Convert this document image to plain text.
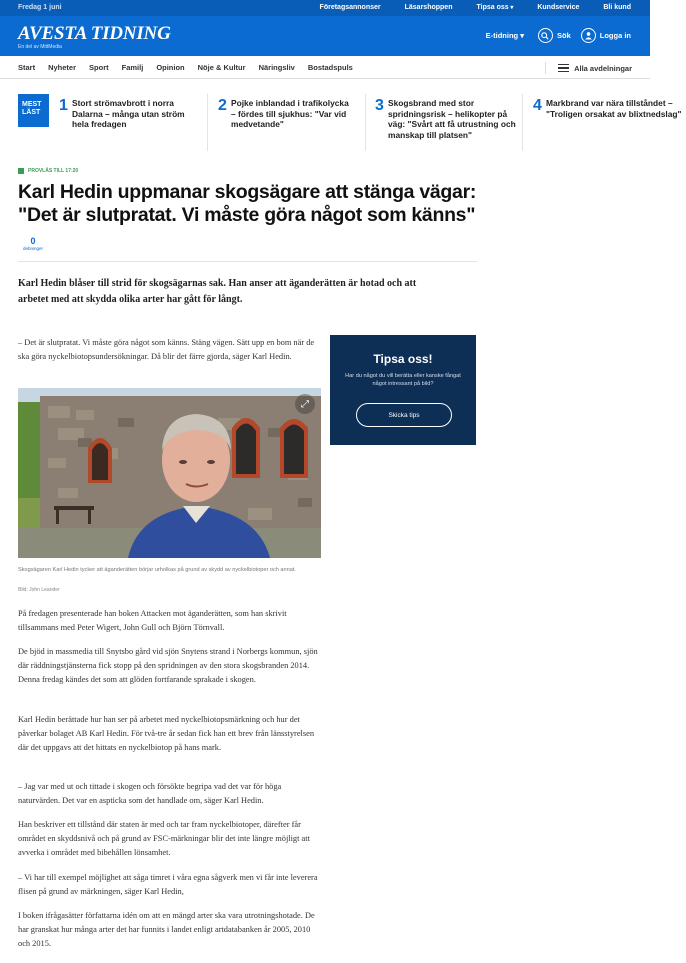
Fredag 1 juni	Företagsannonser	Läsarshoppen	Tipsa oss ▾	Kundservice	Bli kund
AVESTA TIDNING
En del av MittMedia
E-tidning ▾	Sök	Logga in
Start Nyheter Sport Familj Opinion Nöje & Kultur Näringsliv Bostadspuls	Alla avdelningar
MEST
LÄST	1 Stort strömavbrott i norra Dalarna – många utan ström hela fredagen
2 Pojke inblandad i trafikolycka – fördes till sjukhus: "Var vid medvetande"
3 Skogsbrand med stor spridningsrisk – helikopter på väg: "Svårt att få utrustning och manskap till platsen"
4 Markbrand var nära tillståndet – "Troligen orsakat av blixtnedslag"
PROVLÄS TILL 17:20
Karl Hedin uppmanar skogsägare att stänga vägar: "Det är slutpratat. Vi måste göra något som känns"
0
debninger

Karl Hedin blåser till strid för skogsägarnas sak. Han anser att äganderätten är hotad och att arbetet med att skydda olika arter har gått för långt.

– Det är slutpratat. Vi måste göra något som känns. Stäng vägen. Sätt upp en bom när de ska göra nyckelbiotopsundersökningar. Då blir det färre gjorda, säger Karl Hedin.

⤢

Skogsägaren Karl Hedin tycker att äganderätten börjar urholkas på grund av skydd av nyckelbiotoper och annat.

Bild: John Leander

På fredagen presenterade han boken Attacken mot äganderätten, som han skrivit tillsammans med Peter Wigert, John Gull och Björn Törnvall.

De bjöd in massmedia till Snytsbo gård vid sjön Snytens strand i Norbergs kommun, sjön där räddningstjänsterna fick stopp på den spridningen av den stora skogsbranden 2014. Denna fredag kändes det som att glöden fortfarande sprakade i skogen.

Karl Hedin berättade hur han ser på arbetet med nyckelbiotopsmärkning och hur det påverkar bolaget AB Karl Hedin. För två-tre år sedan fick han ett brev från länsstyrelsen där det uppgavs att det hittats en nyckelbiotop på hans mark.

– Jag var med ut och tittade i skogen och försökte begripa vad det var för höga naturvärden. Det var en aspticka som det handlade om, säger Karl Hedin.

Han beskriver ett tillstånd där staten är med och tar fram nyckelbiotoper, därefter får området en skyddsnivå och på grund av FSC-märkningar blir det inte längre möjligt att avverka i området med bibehållen lönsamhet.

– Vi har till exempel möjlighet att såga timret i våra egna sågverk men vi får inte leverera flisen på grund av märkningen, säger Karl Hedin,

I boken ifrågasätter författarna idén om att en mängd arter ska vara utrotningshotade. De har granskat hur många arter det har funnits i landet enligt artdatabanken år 2005, 2010 och 2015.

Tipsa oss!
Har du något du vill berätta eller kanske fångat något intressant på bild?
Skicka tips
